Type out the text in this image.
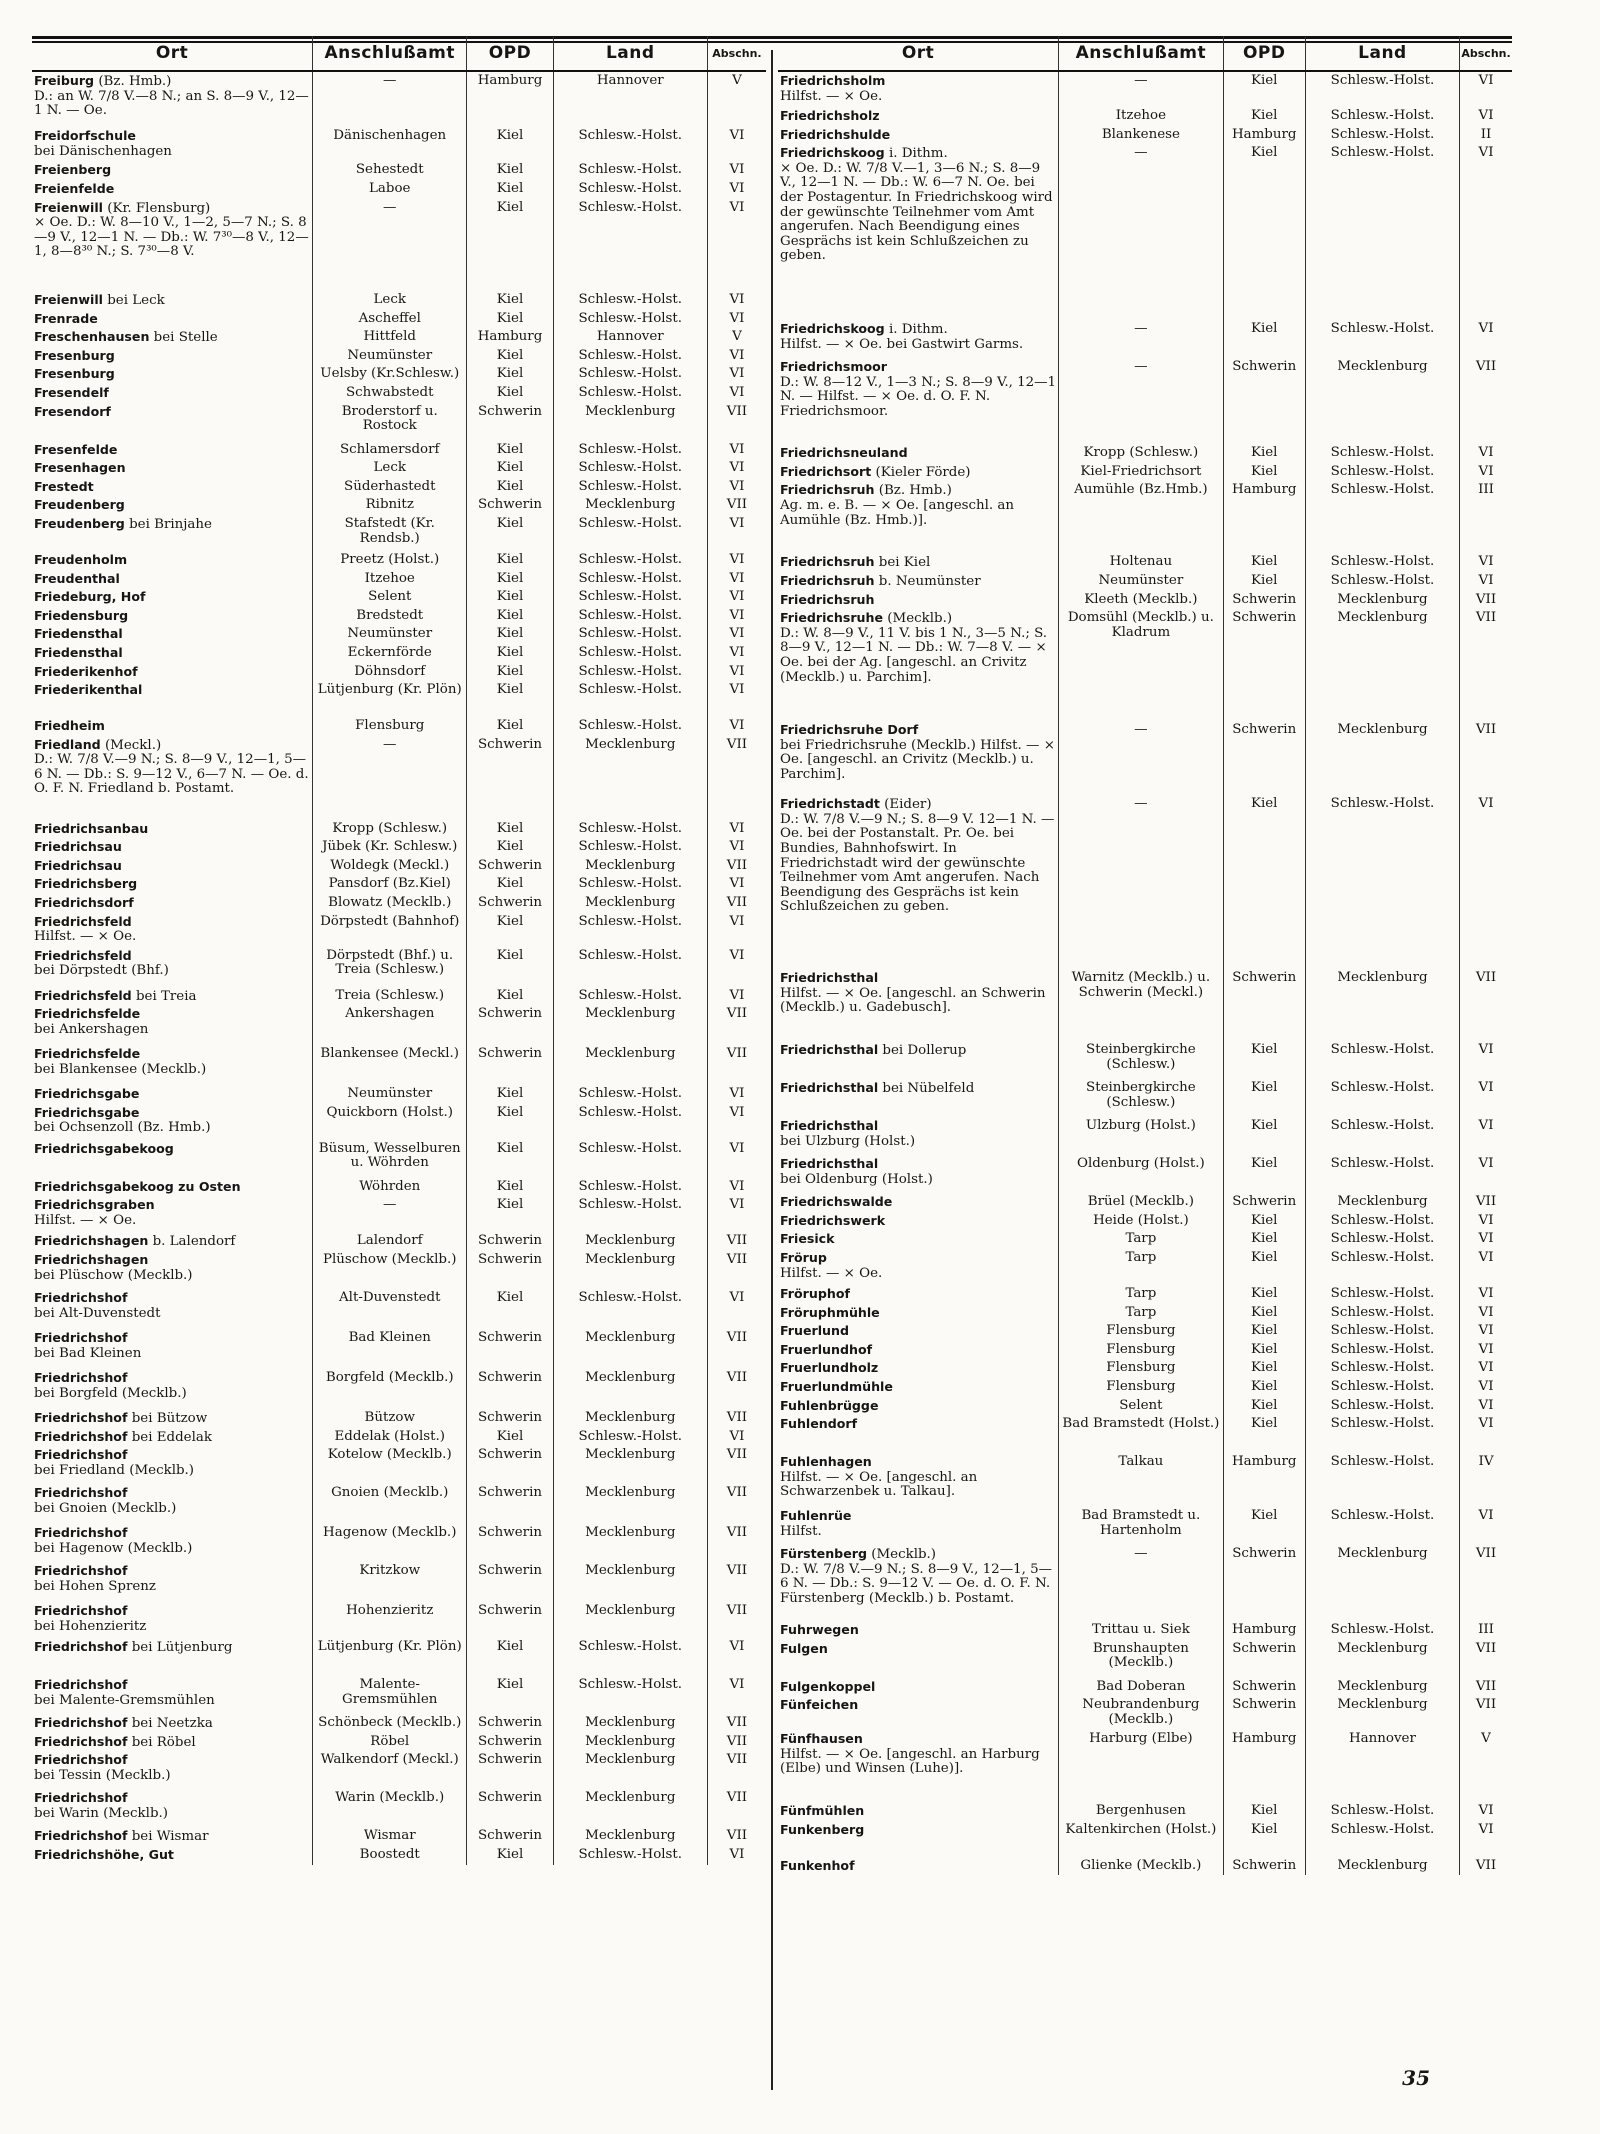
Ort	Anschlußamt	OPD	Land	Abschn.
Freiburg (Bz. Hmb.)
D.: an W. 7/8 V.—8 N.; an S. 8—9 V., 12—1 N. — Oe.	—	Hamburg	Hannover	V
Freidorfschule
bei Dänischenhagen	Dänischenhagen	Kiel	Schlesw.-Holst.	VI
Freienberg	Sehestedt	Kiel	Schlesw.-Holst.	VI
Freienfelde	Laboe	Kiel	Schlesw.-Holst.	VI
Freienwill (Kr. Flensburg)
× Oe. D.: W. 8—10 V., 1—2, 5—7 N.; S. 8—9 V., 12—1 N. — Db.: W. 7³⁰—8 V., 12—1, 8—8³⁰ N.; S. 7³⁰—8 V.	—	Kiel	Schlesw.-Holst.	VI
Freienwill bei Leck	Leck	Kiel	Schlesw.-Holst.	VI
Frenrade	Ascheffel	Kiel	Schlesw.-Holst.	VI
Freschenhausen bei Stelle	Hittfeld	Hamburg	Hannover	V
Fresenburg	Neumünster	Kiel	Schlesw.-Holst.	VI
Fresenburg	Uelsby (Kr.Schlesw.)	Kiel	Schlesw.-Holst.	VI
Fresendelf	Schwabstedt	Kiel	Schlesw.-Holst.	VI
Fresendorf	Broderstorf u. Rostock	Schwerin	Mecklenburg	VII
Fresenfelde	Schlamersdorf	Kiel	Schlesw.-Holst.	VI
Fresenhagen	Leck	Kiel	Schlesw.-Holst.	VI
Frestedt	Süderhastedt	Kiel	Schlesw.-Holst.	VI
Freudenberg	Ribnitz	Schwerin	Mecklenburg	VII
Freudenberg bei Brinjahe	Stafstedt (Kr. Rendsb.)	Kiel	Schlesw.-Holst.	VI
Freudenholm	Preetz (Holst.)	Kiel	Schlesw.-Holst.	VI
Freudenthal	Itzehoe	Kiel	Schlesw.-Holst.	VI
Friedeburg, Hof	Selent	Kiel	Schlesw.-Holst.	VI
Friedensburg	Bredstedt	Kiel	Schlesw.-Holst.	VI
Friedensthal	Neumünster	Kiel	Schlesw.-Holst.	VI
Friedensthal	Eckernförde	Kiel	Schlesw.-Holst.	VI
Friederikenhof	Döhnsdorf	Kiel	Schlesw.-Holst.	VI
Friederikenthal	Lütjenburg (Kr. Plön)	Kiel	Schlesw.-Holst.	VI
Friedheim	Flensburg	Kiel	Schlesw.-Holst.	VI
Friedland (Meckl.)
D.: W. 7/8 V.—9 N.; S. 8—9 V., 12—1, 5—6 N. — Db.: S. 9—12 V., 6—7 N. — Oe. d. O. F. N. Friedland b. Postamt.	—	Schwerin	Mecklenburg	VII
Friedrichsanbau	Kropp (Schlesw.)	Kiel	Schlesw.-Holst.	VI
Friedrichsau	Jübek (Kr. Schlesw.)	Kiel	Schlesw.-Holst.	VI
Friedrichsau	Woldegk (Meckl.)	Schwerin	Mecklenburg	VII
Friedrichsberg	Pansdorf (Bz.Kiel)	Kiel	Schlesw.-Holst.	VI
Friedrichsdorf	Blowatz (Mecklb.)	Schwerin	Mecklenburg	VII
Friedrichsfeld
Hilfst. — × Oe.	Dörpstedt (Bahnhof)	Kiel	Schlesw.-Holst.	VI
Friedrichsfeld
bei Dörpstedt (Bhf.)	Dörpstedt (Bhf.) u. Treia (Schlesw.)	Kiel	Schlesw.-Holst.	VI
Friedrichsfeld bei Treia	Treia (Schlesw.)	Kiel	Schlesw.-Holst.	VI
Friedrichsfelde
bei Ankershagen	Ankershagen	Schwerin	Mecklenburg	VII
Friedrichsfelde
bei Blankensee (Mecklb.)	Blankensee (Meckl.)	Schwerin	Mecklenburg	VII
Friedrichsgabe	Neumünster	Kiel	Schlesw.-Holst.	VI
Friedrichsgabe
bei Ochsenzoll (Bz. Hmb.)	Quickborn (Holst.)	Kiel	Schlesw.-Holst.	VI
Friedrichsgabekoog	Büsum, Wesselburen u. Wöhrden	Kiel	Schlesw.-Holst.	VI
Friedrichsgabekoog zu Osten	Wöhrden	Kiel	Schlesw.-Holst.	VI
Friedrichsgraben
Hilfst. — × Oe.	—	Kiel	Schlesw.-Holst.	VI
Friedrichshagen b. Lalendorf	Lalendorf	Schwerin	Mecklenburg	VII
Friedrichshagen
bei Plüschow (Mecklb.)	Plüschow (Mecklb.)	Schwerin	Mecklenburg	VII
Friedrichshof
bei Alt-Duvenstedt	Alt-Duvenstedt	Kiel	Schlesw.-Holst.	VI
Friedrichshof
bei Bad Kleinen	Bad Kleinen	Schwerin	Mecklenburg	VII
Friedrichshof
bei Borgfeld (Mecklb.)	Borgfeld (Mecklb.)	Schwerin	Mecklenburg	VII
Friedrichshof bei Bützow	Bützow	Schwerin	Mecklenburg	VII
Friedrichshof bei Eddelak	Eddelak (Holst.)	Kiel	Schlesw.-Holst.	VI
Friedrichshof
bei Friedland (Mecklb.)	Kotelow (Mecklb.)	Schwerin	Mecklenburg	VII
Friedrichshof
bei Gnoien (Mecklb.)	Gnoien (Mecklb.)	Schwerin	Mecklenburg	VII
Friedrichshof
bei Hagenow (Mecklb.)	Hagenow (Mecklb.)	Schwerin	Mecklenburg	VII
Friedrichshof
bei Hohen Sprenz	Kritzkow	Schwerin	Mecklenburg	VII
Friedrichshof
bei Hohenzieritz	Hohenzieritz	Schwerin	Mecklenburg	VII
Friedrichshof bei Lütjenburg	Lütjenburg (Kr. Plön)	Kiel	Schlesw.-Holst.	VI
Friedrichshof
bei Malente-Gremsmühlen	Malente-Gremsmühlen	Kiel	Schlesw.-Holst.	VI
Friedrichshof bei Neetzka	Schönbeck (Mecklb.)	Schwerin	Mecklenburg	VII
Friedrichshof bei Röbel	Röbel	Schwerin	Mecklenburg	VII
Friedrichshof
bei Tessin (Mecklb.)	Walkendorf (Meckl.)	Schwerin	Mecklenburg	VII
Friedrichshof
bei Warin (Mecklb.)	Warin (Mecklb.)	Schwerin	Mecklenburg	VII
Friedrichshof bei Wismar	Wismar	Schwerin	Mecklenburg	VII
Friedrichshöhe, Gut	Boostedt	Kiel	Schlesw.-Holst.	VI
Ort	Anschlußamt	OPD	Land	Abschn.
Friedrichsholm
Hilfst. — × Oe.	—	Kiel	Schlesw.-Holst.	VI
Friedrichsholz	Itzehoe	Kiel	Schlesw.-Holst.	VI
Friedrichshulde	Blankenese	Hamburg	Schlesw.-Holst.	II
Friedrichskoog i. Dithm.
× Oe. D.: W. 7/8 V.—1, 3—6 N.; S. 8—9 V., 12—1 N. — Db.: W. 6—7 N. Oe. bei der Postagentur. In Friedrichskoog wird der gewünschte Teilnehmer vom Amt angerufen. Nach Beendigung eines Gesprächs ist kein Schlußzeichen zu geben.	—	Kiel	Schlesw.-Holst.	VI
Friedrichskoog i. Dithm.
Hilfst. — × Oe. bei Gastwirt Garms.	—	Kiel	Schlesw.-Holst.	VI
Friedrichsmoor
D.: W. 8—12 V., 1—3 N.; S. 8—9 V., 12—1 N. — Hilfst. — × Oe. d. O. F. N. Friedrichsmoor.	—	Schwerin	Mecklenburg	VII
Friedrichsneuland	Kropp (Schlesw.)	Kiel	Schlesw.-Holst.	VI
Friedrichsort (Kieler Förde)	Kiel-Friedrichsort	Kiel	Schlesw.-Holst.	VI
Friedrichsruh (Bz. Hmb.)
Ag. m. e. B. — × Oe. [angeschl. an Aumühle (Bz. Hmb.)].	Aumühle (Bz.Hmb.)	Hamburg	Schlesw.-Holst.	III
Friedrichsruh bei Kiel	Holtenau	Kiel	Schlesw.-Holst.	VI
Friedrichsruh b. Neumünster	Neumünster	Kiel	Schlesw.-Holst.	VI
Friedrichsruh	Kleeth (Mecklb.)	Schwerin	Mecklenburg	VII
Friedrichsruhe (Mecklb.)
D.: W. 8—9 V., 11 V. bis 1 N., 3—5 N.; S. 8—9 V., 12—1 N. — Db.: W. 7—8 V. — × Oe. bei der Ag. [angeschl. an Crivitz (Mecklb.) u. Parchim].	Domsühl (Mecklb.) u. Kladrum	Schwerin	Mecklenburg	VII
Friedrichsruhe Dorf
bei Friedrichsruhe (Mecklb.) Hilfst. — × Oe. [angeschl. an Crivitz (Mecklb.) u. Parchim].	—	Schwerin	Mecklenburg	VII
Friedrichstadt (Eider)
D.: W. 7/8 V.—9 N.; S. 8—9 V. 12—1 N. — Oe. bei der Postanstalt. Pr. Oe. bei Bundies, Bahnhofswirt. In Friedrichstadt wird der gewünschte Teilnehmer vom Amt angerufen. Nach Beendigung des Gesprächs ist kein Schlußzeichen zu geben.	—	Kiel	Schlesw.-Holst.	VI
Friedrichsthal
Hilfst. — × Oe. [angeschl. an Schwerin (Mecklb.) u. Gadebusch].	Warnitz (Mecklb.) u. Schwerin (Meckl.)	Schwerin	Mecklenburg	VII
Friedrichsthal bei Dollerup	Steinbergkirche (Schlesw.)	Kiel	Schlesw.-Holst.	VI
Friedrichsthal bei Nübelfeld	Steinbergkirche (Schlesw.)	Kiel	Schlesw.-Holst.	VI
Friedrichsthal
bei Ulzburg (Holst.)	Ulzburg (Holst.)	Kiel	Schlesw.-Holst.	VI
Friedrichsthal
bei Oldenburg (Holst.)	Oldenburg (Holst.)	Kiel	Schlesw.-Holst.	VI
Friedrichswalde	Brüel (Mecklb.)	Schwerin	Mecklenburg	VII
Friedrichswerk	Heide (Holst.)	Kiel	Schlesw.-Holst.	VI
Friesick	Tarp	Kiel	Schlesw.-Holst.	VI
Frörup
Hilfst. — × Oe.	Tarp	Kiel	Schlesw.-Holst.	VI
Fröruphof	Tarp	Kiel	Schlesw.-Holst.	VI
Fröruphmühle	Tarp	Kiel	Schlesw.-Holst.	VI
Fruerlund	Flensburg	Kiel	Schlesw.-Holst.	VI
Fruerlundhof	Flensburg	Kiel	Schlesw.-Holst.	VI
Fruerlundholz	Flensburg	Kiel	Schlesw.-Holst.	VI
Fruerlundmühle	Flensburg	Kiel	Schlesw.-Holst.	VI
Fuhlenbrügge	Selent	Kiel	Schlesw.-Holst.	VI
Fuhlendorf	Bad Bramstedt (Holst.)	Kiel	Schlesw.-Holst.	VI
Fuhlenhagen
Hilfst. — × Oe. [angeschl. an Schwarzenbek u. Talkau].	Talkau	Hamburg	Schlesw.-Holst.	IV
Fuhlenrüe
Hilfst.	Bad Bramstedt u. Hartenholm	Kiel	Schlesw.-Holst.	VI
Fürstenberg (Mecklb.)
D.: W. 7/8 V.—9 N.; S. 8—9 V., 12—1, 5—6 N. — Db.: S. 9—12 V. — Oe. d. O. F. N. Fürstenberg (Mecklb.) b. Postamt.	—	Schwerin	Mecklenburg	VII
Fuhrwegen	Trittau u. Siek	Hamburg	Schlesw.-Holst.	III
Fulgen	Brunshaupten (Mecklb.)	Schwerin	Mecklenburg	VII
Fulgenkoppel	Bad Doberan	Schwerin	Mecklenburg	VII
Fünfeichen	Neubrandenburg (Mecklb.)	Schwerin	Mecklenburg	VII
Fünfhausen
Hilfst. — × Oe. [angeschl. an Harburg (Elbe) und Winsen (Luhe)].	Harburg (Elbe)	Hamburg	Hannover	V
Fünfmühlen	Bergenhusen	Kiel	Schlesw.-Holst.	VI
Funkenberg	Kaltenkirchen (Holst.)	Kiel	Schlesw.-Holst.	VI
Funkenhof	Glienke (Mecklb.)	Schwerin	Mecklenburg	VII
35
